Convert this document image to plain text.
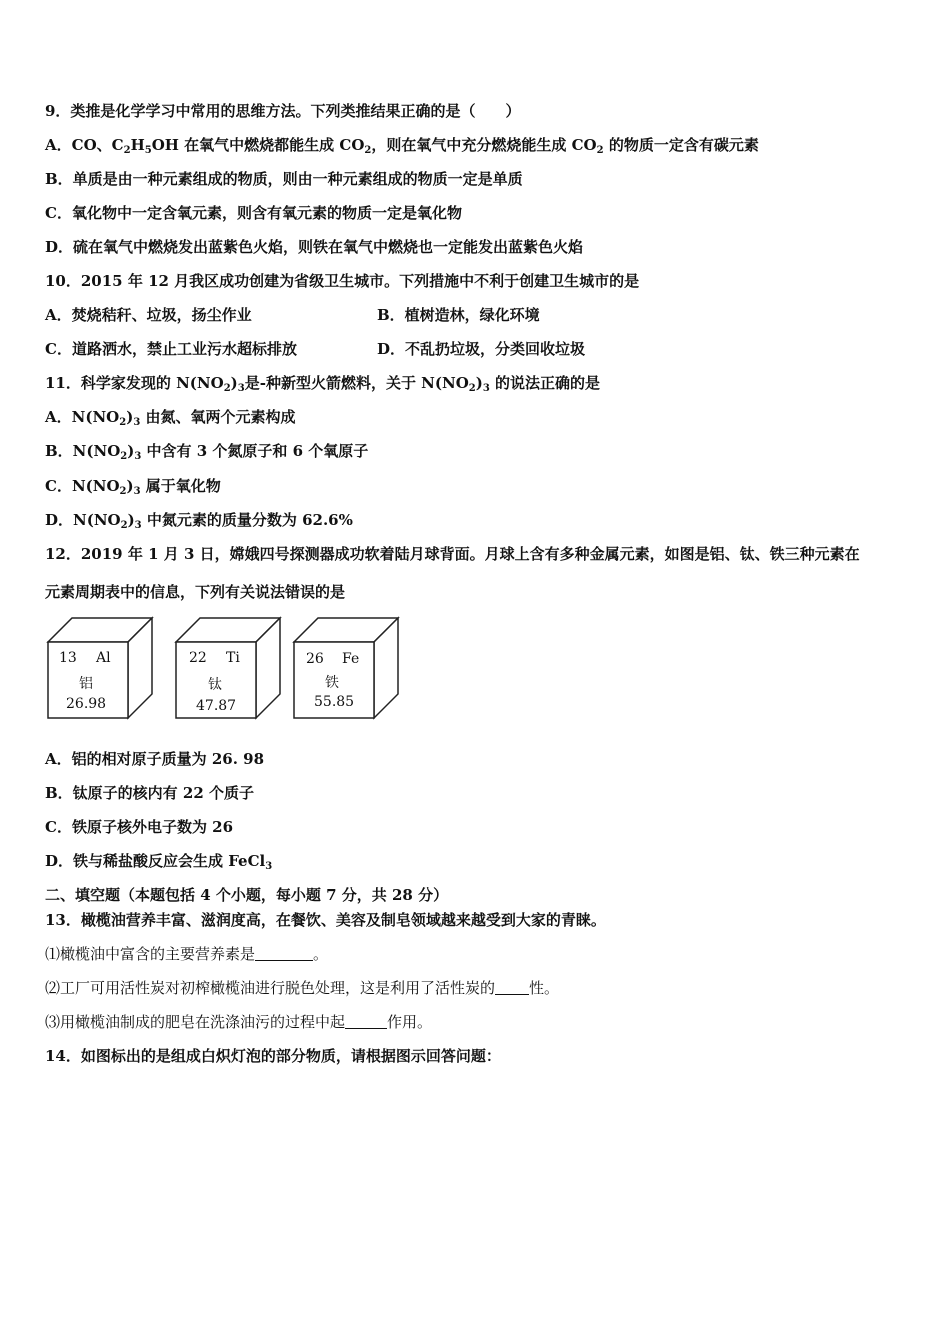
9．类推是化学学习中常用的思维方法。下列类推结果正确的是（　　）
A．CO、$C_2H_5OH$ 在氧气中燃烧都能生成 $CO_2$，则在氧气中充分燃烧能生成 $CO_2$ 的物质一定含有碳元素
B．单质是由一种元素组成的物质，则由一种元素组成的物质一定是单质
C．氧化物中一定含氧元素，则含有氧元素的物质一定是氧化物
D．硫在氧气中燃烧发出蓝紫色火焰，则铁在氧气中燃烧也一定能发出蓝紫色火焰
10．2015 年 12 月我区成功创建为省级卫生城市。下列措施中不利于创建卫生城市的是
A．焚烧秸秆、垃圾，扬尘作业	B．植树造林，绿化环境
C．道路洒水，禁止工业污水超标排放	D．不乱扔垃圾，分类回收垃圾
11．科学家发现的 $N(NO_2)_3$是-种新型火箭燃料，关于 $N(NO_2)_3$ 的说法正确的是
A．$N(NO_2)_3$ 由氮、氧两个元素构成
B．$N(NO_2)_3$ 中含有 3 个氮原子和 6 个氧原子
C．$N(NO_2)_3$ 属于氧化物
D．$N(NO_2)_3$ 中氮元素的质量分数为 62.6%
12．2019 年 1 月 3 日，嫦娥四号探测器成功软着陆月球背面。月球上含有多种金属元素，如图是铝、钛、铁三种元素在
元素周期表中的信息，下列有关说法错误的是
13 Al
铝
26.98
22 Ti
钛
47.87
26 Fe
铁
55.85
A．铝的相对原子质量为 26. 98
B．钛原子的核内有 22 个质子
C．铁原子核外电子数为 26
D．铁与稀盐酸反应会生成 FeCl$_3$
二、填空题（本题包括 4 个小题，每小题 7 分，共 28 分）
13．橄榄油营养丰富、滋润度高，在餐饮、美容及制皂领域越来越受到大家的青睐。
⑴橄榄油中富含的主要营养素是	。
⑵工厂可用活性炭对初榨橄榄油进行脱色处理，这是利用了活性炭的 性。
⑶用橄榄油制成的肥皂在洗涤油污的过程中起	作用。
14．如图标出的是组成白炽灯泡的部分物质，请根据图示回答问题：
